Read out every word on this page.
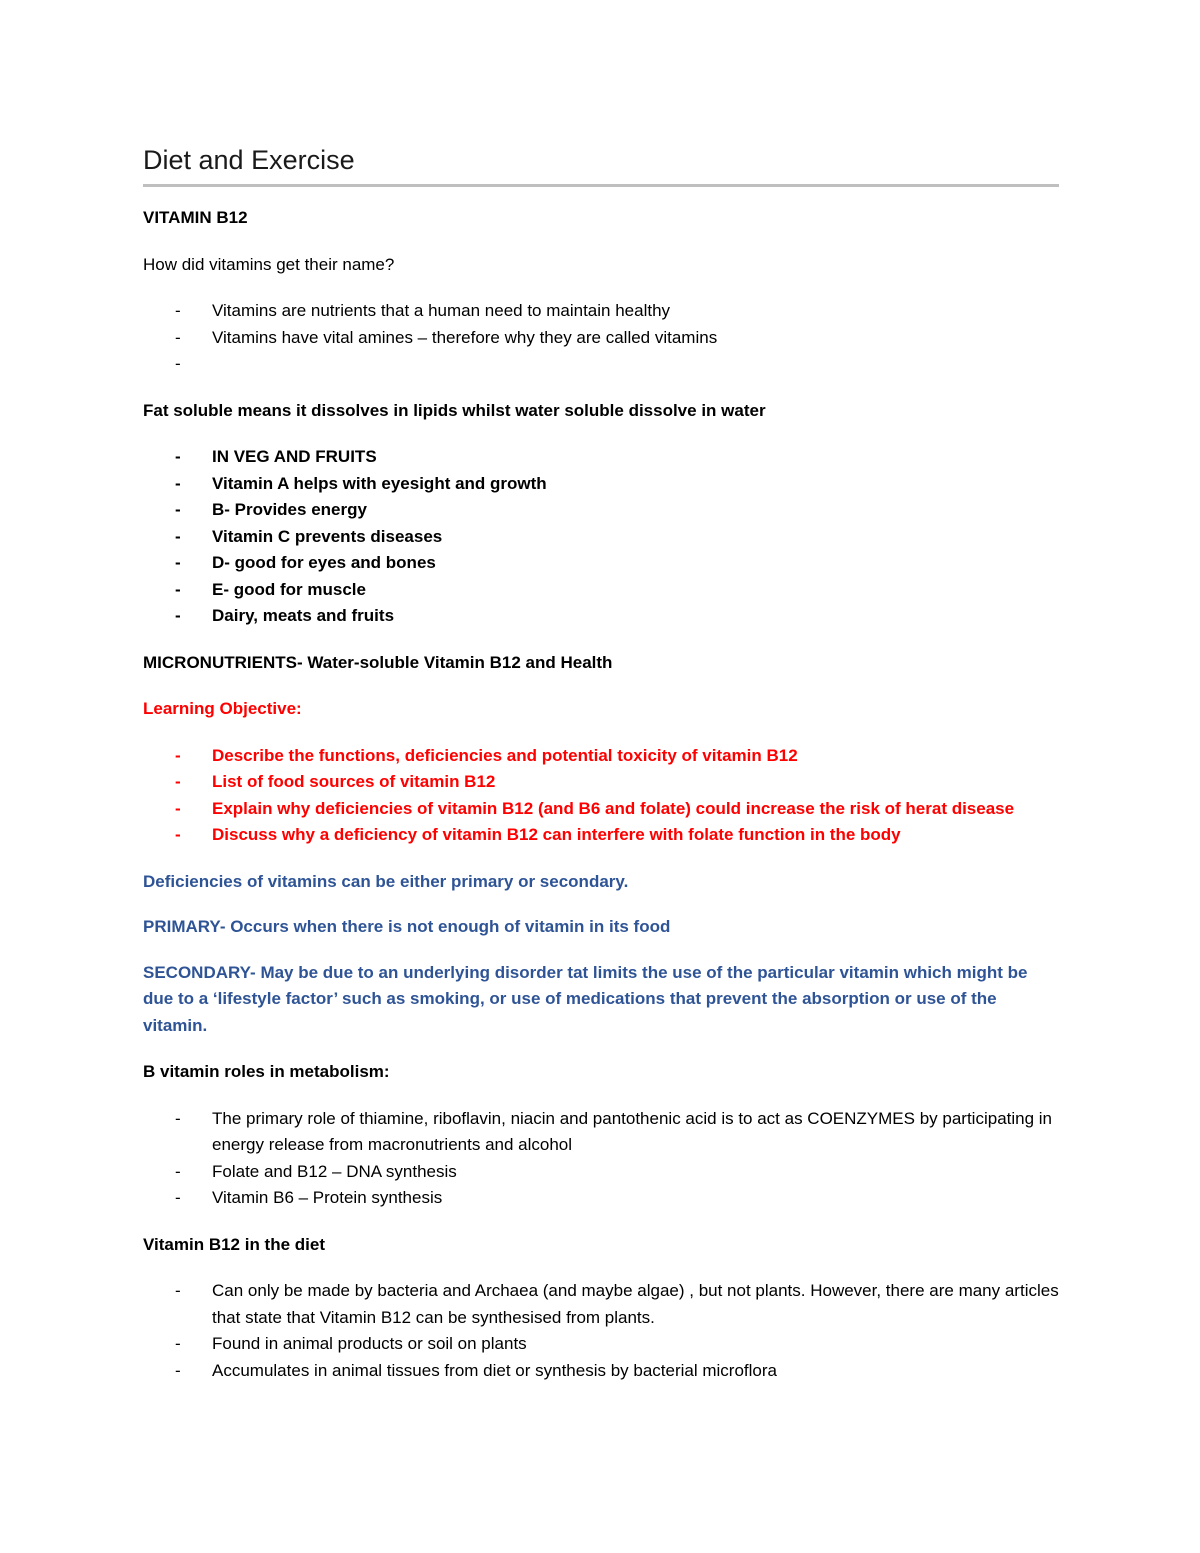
Diet and Exercise

VITAMIN B12

How did vitamins get their name?

- Vitamins are nutrients that a human need to maintain healthy
- Vitamins have vital amines – therefore why they are called vitamins
-

Fat soluble means it dissolves in lipids whilst water soluble dissolve in water

- IN VEG AND FRUITS
- Vitamin A helps with eyesight and growth
- B- Provides energy
- Vitamin C prevents diseases
- D- good for eyes and bones
- E- good for muscle
- Dairy, meats and fruits

MICRONUTRIENTS- Water-soluble Vitamin B12 and Health

Learning Objective:

- Describe the functions, deficiencies and potential toxicity of vitamin B12
- List of food sources of vitamin B12
- Explain why deficiencies of vitamin B12 (and B6 and folate) could increase the risk of herat disease
- Discuss why a deficiency of vitamin B12 can interfere with folate function in the body

Deficiencies of vitamins can be either primary or secondary.

PRIMARY- Occurs when there is not enough of vitamin in its food

SECONDARY- May be due to an underlying disorder tat limits the use of the particular vitamin which might be due to a ‘lifestyle factor’ such as smoking, or use of medications that prevent the absorption or use of the vitamin.

B vitamin roles in metabolism:

- The primary role of thiamine, riboflavin, niacin and pantothenic acid is to act as COENZYMES by participating in energy release from macronutrients and alcohol
- Folate and B12 – DNA synthesis
- Vitamin B6 – Protein synthesis

Vitamin B12 in the diet

- Can only be made by bacteria and Archaea (and maybe algae) , but not plants. However, there are many articles that state that Vitamin B12 can be synthesised from plants.
- Found in animal products or soil on plants
- Accumulates in animal tissues from diet or synthesis by bacterial microflora
